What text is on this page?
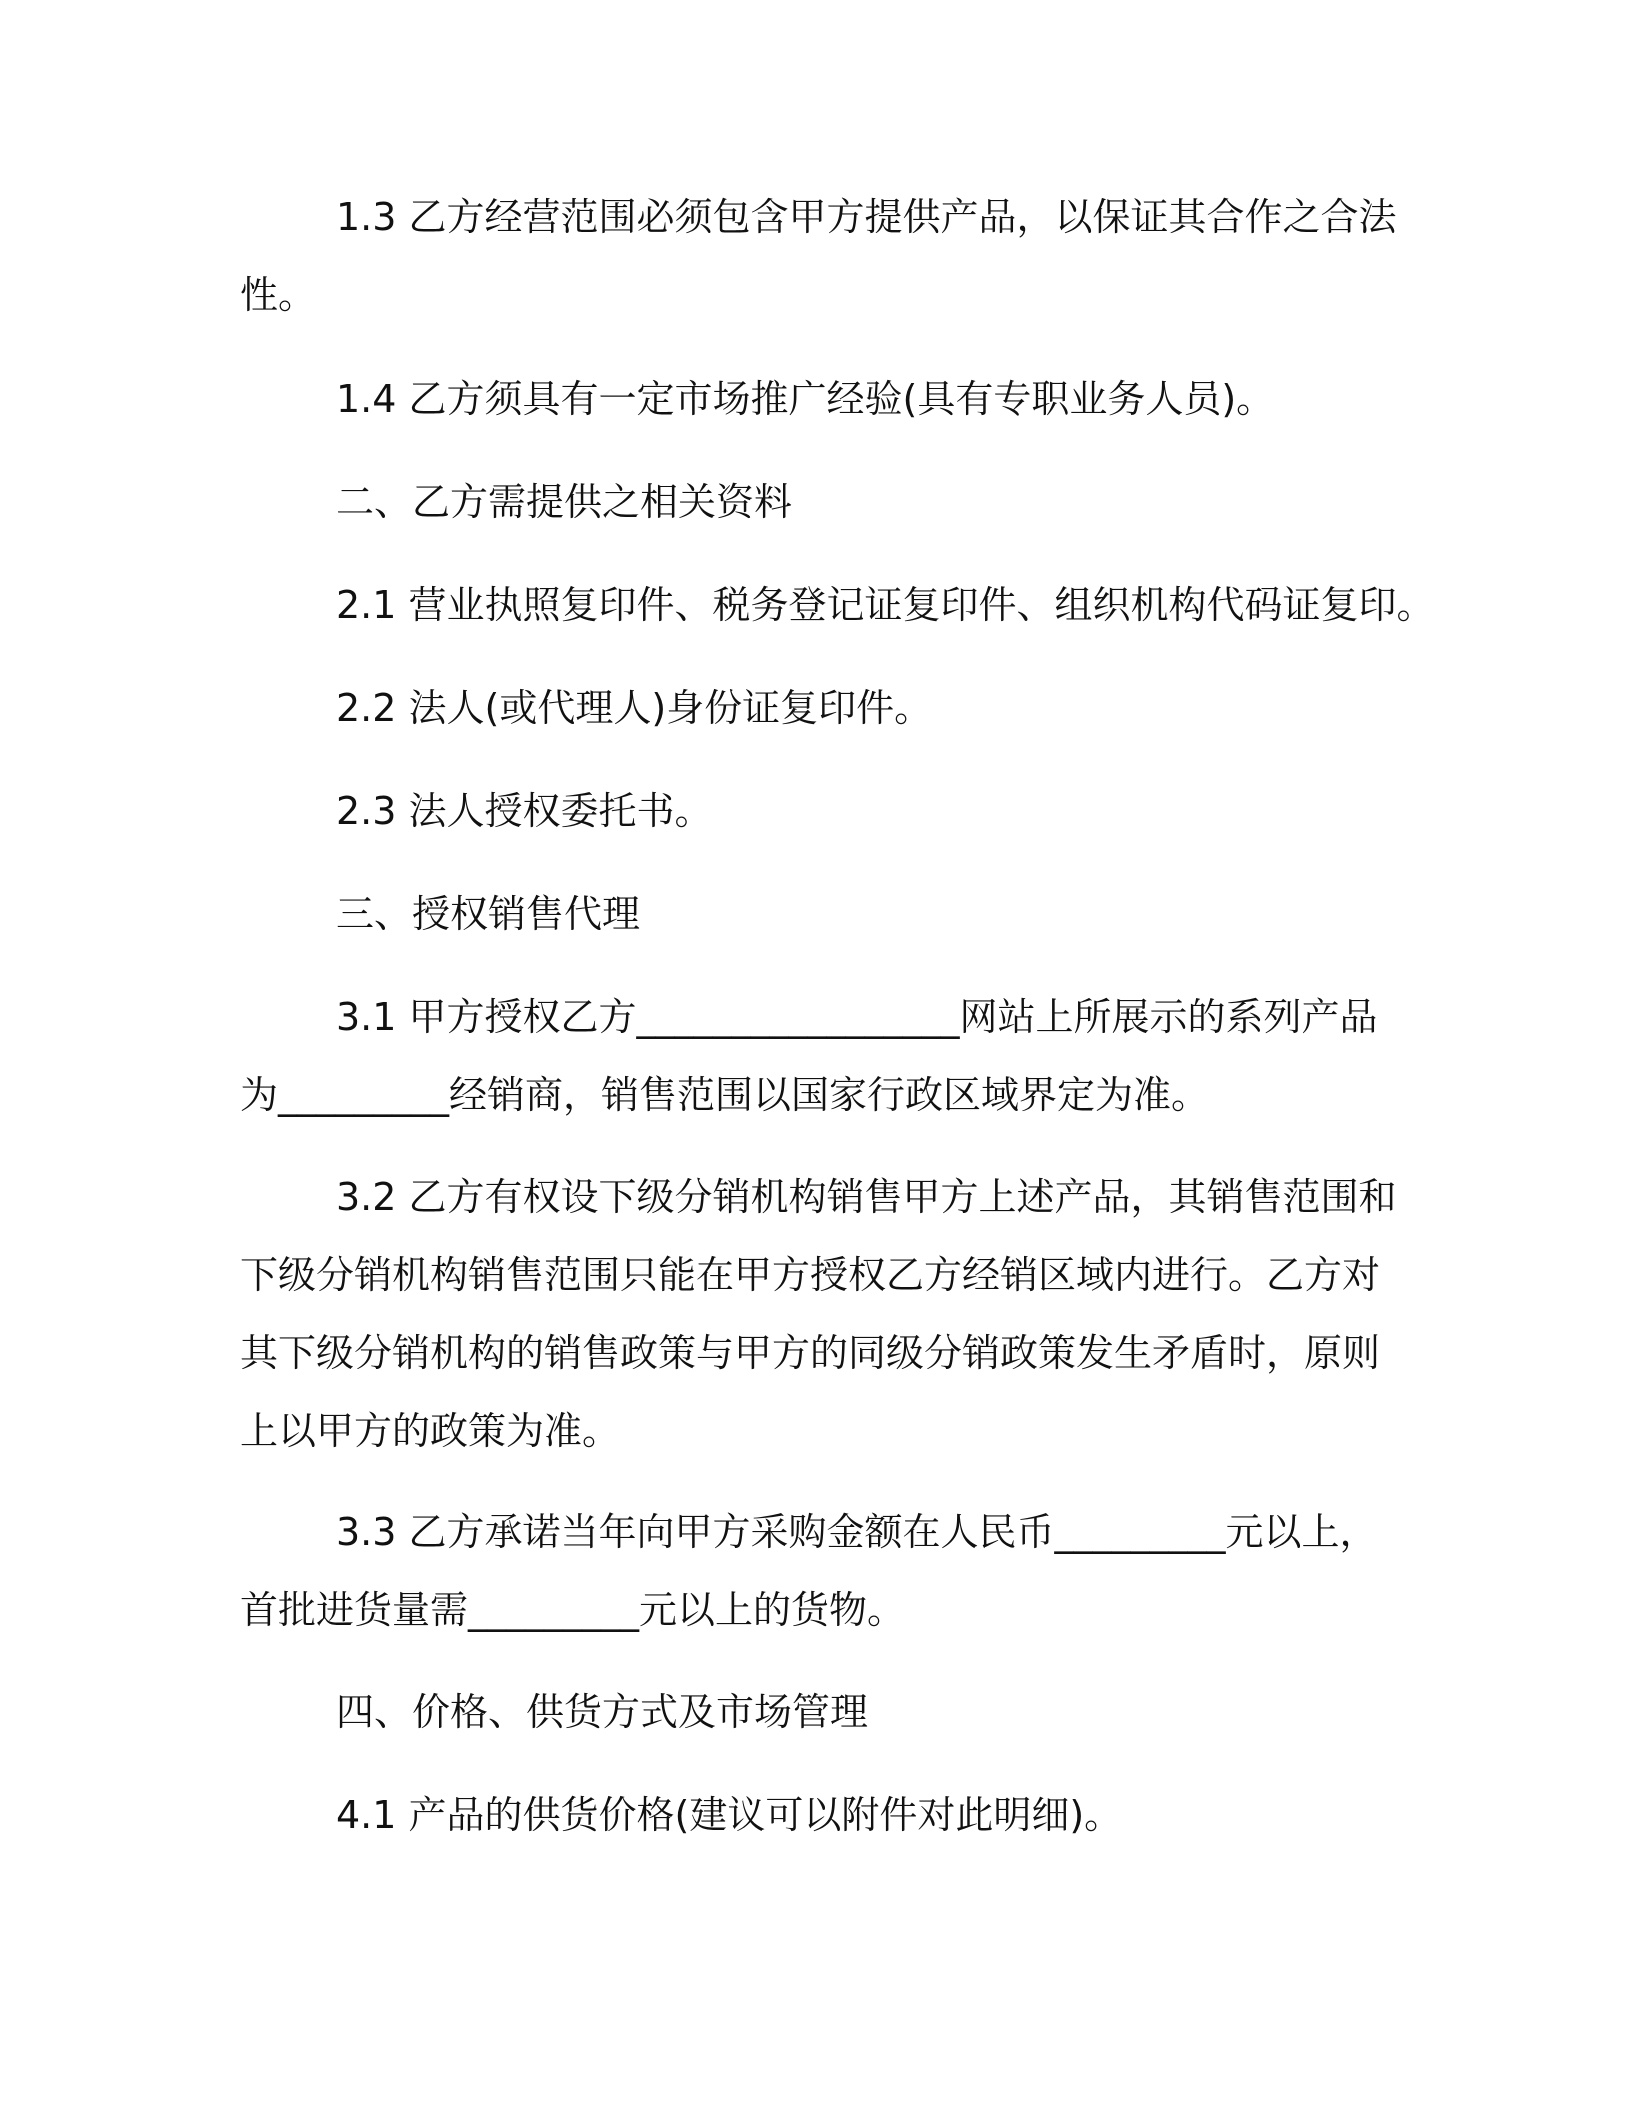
1.3 乙方经营范围必须包含甲方提供产品，以保证其合作之合法
性。
1.4 乙方须具有一定市场推广经验(具有专职业务人员)。
二、乙方需提供之相关资料
2.1 营业执照复印件、税务登记证复印件、组织机构代码证复印。
2.2 法人(或代理人)身份证复印件。
2.3 法人授权委托书。
三、授权销售代理
3.1 甲方授权乙方_________________网站上所展示的系列产品
为_________经销商，销售范围以国家行政区域界定为准。
3.2 乙方有权设下级分销机构销售甲方上述产品，其销售范围和
下级分销机构销售范围只能在甲方授权乙方经销区域内进行。乙方对
其下级分销机构的销售政策与甲方的同级分销政策发生矛盾时，原则
上以甲方的政策为准。
3.3 乙方承诺当年向甲方采购金额在人民币_________元以上，
首批进货量需_________元以上的货物。
四、价格、供货方式及市场管理
4.1 产品的供货价格(建议可以附件对此明细)。
